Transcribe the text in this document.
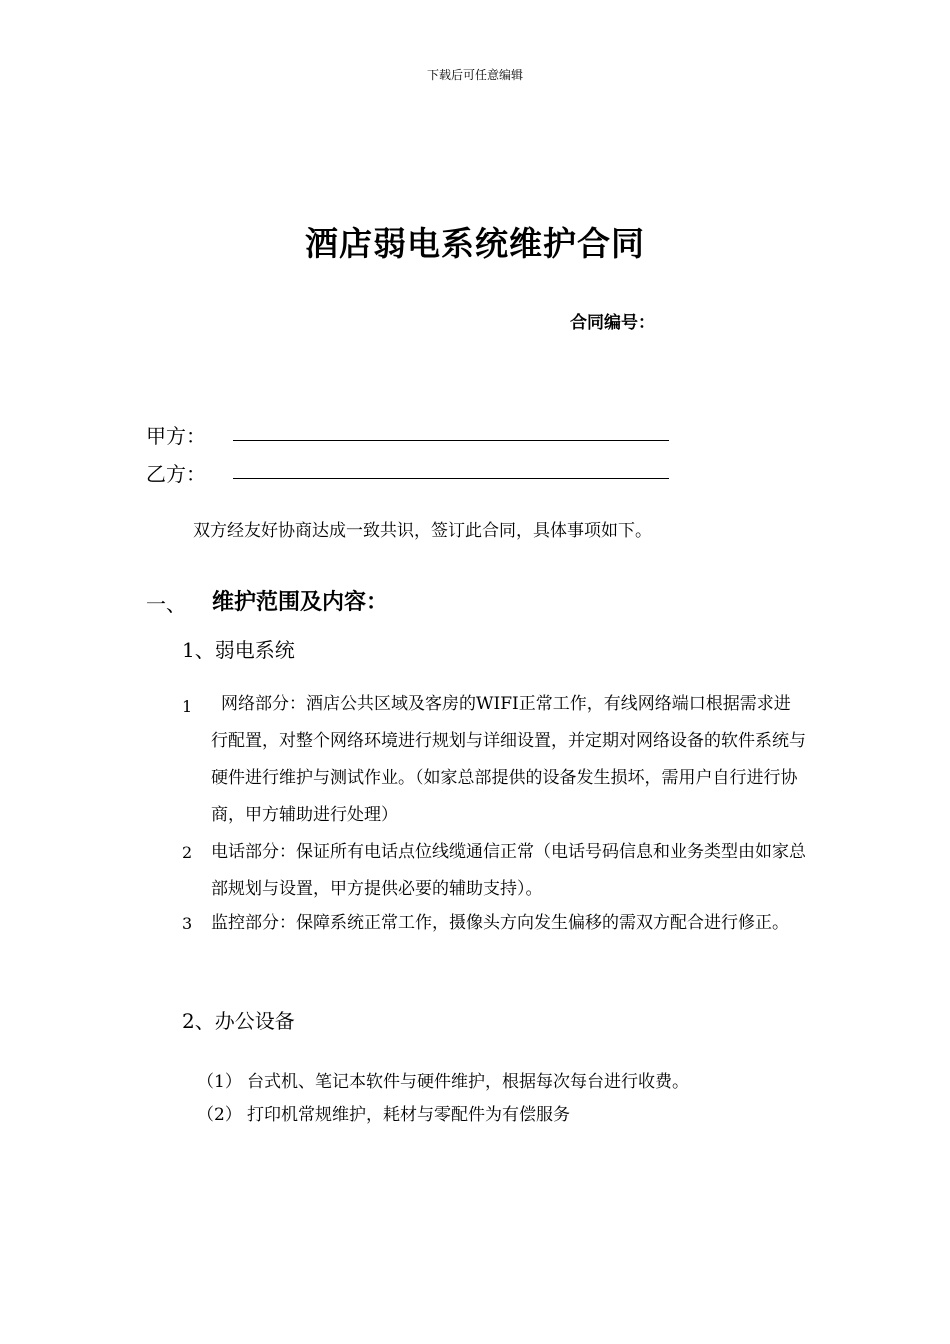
下载后可任意编辑
酒店弱电系统维护合同
合同编号：
甲方：
乙方：
双方经友好协商达成一致共识，签订此合同，具体事项如下。
一、 维护范围及内容：
1、弱电系统
1	网络部分：酒店公共区域及客房的WIFI正常工作，有线网络端口根据需求进行配置，对整个网络环境进行规划与详细设置，并定期对网络设备的软件系统与硬件进行维护与测试作业。（如家总部提供的设备发生损坏，需用户自行进行协商，甲方辅助进行处理）
2 电话部分：保证所有电话点位线缆通信正常（电话号码信息和业务类型由如家总部规划与设置，甲方提供必要的辅助支持）。
3 监控部分：保障系统正常工作，摄像头方向发生偏移的需双方配合进行修正。
2、办公设备
（1） 台式机、笔记本软件与硬件维护，根据每次每台进行收费。
（2） 打印机常规维护，耗材与零配件为有偿服务
